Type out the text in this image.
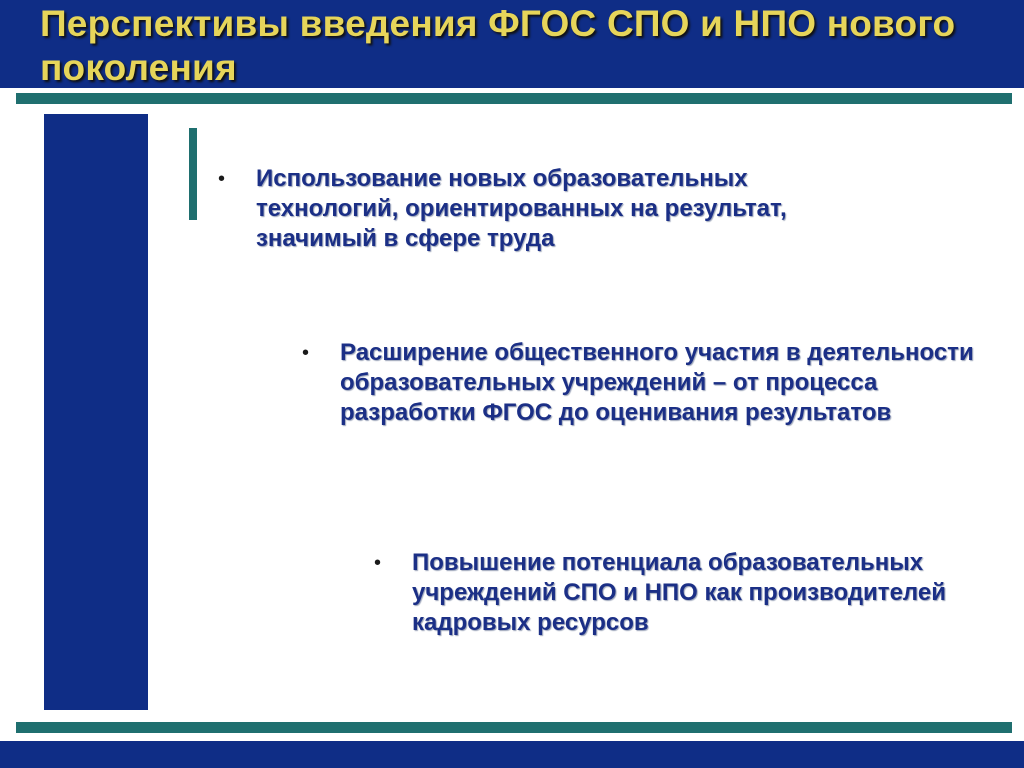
Перспективы введения ФГОС СПО и НПО нового поколения
•	Использование новых образовательных технологий, ориентированных на результат, значимый в сфере труда

•	Расширение общественного участия в деятельности образовательных учреждений – от процесса разработки ФГОС до оценивания результатов

•	Повышение потенциала образовательных учреждений СПО и НПО как производителей кадровых ресурсов
